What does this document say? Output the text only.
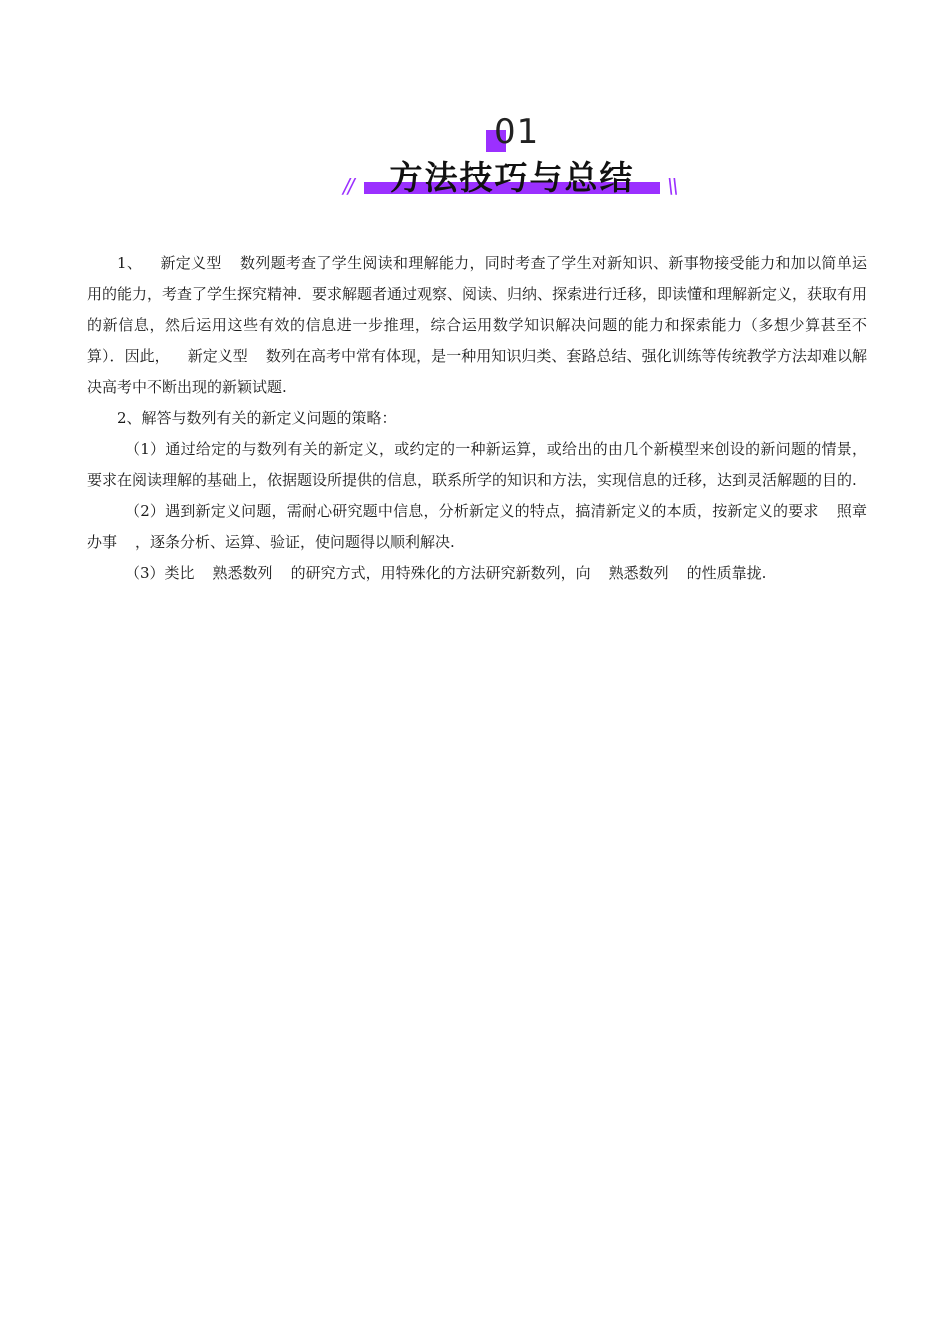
01
//	方法技巧与总结	\\

1、 新定义型 数列题考查了学生阅读和理解能力，同时考查了学生对新知识、新事物接受能力和加以简单运用的能力，考查了学生探究精神．要求解题者通过观察、阅读、归纳、探索进行迁移，即读懂和理解新定义，获取有用的新信息，然后运用这些有效的信息进一步推理，综合运用数学知识解决问题的能力和探索能力（多想少算甚至不算）．因此， 新定义型 数列在高考中常有体现，是一种用知识归类、套路总结、强化训练等传统教学方法却难以解决高考中不断出现的新颖试题.

2、解答与数列有关的新定义问题的策略：

（1）通过给定的与数列有关的新定义，或约定的一种新运算，或给出的由几个新模型来创设的新问题的情景，要求在阅读理解的基础上，依据题设所提供的信息，联系所学的知识和方法，实现信息的迁移，达到灵活解题的目的.

（2）遇到新定义问题，需耐心研究题中信息，分析新定义的特点，搞清新定义的本质，按新定义的要求 照章办事 ，逐条分析、运算、验证，使问题得以顺利解决.

（3）类比 熟悉数列 的研究方式，用特殊化的方法研究新数列，向 熟悉数列 的性质靠拢.
